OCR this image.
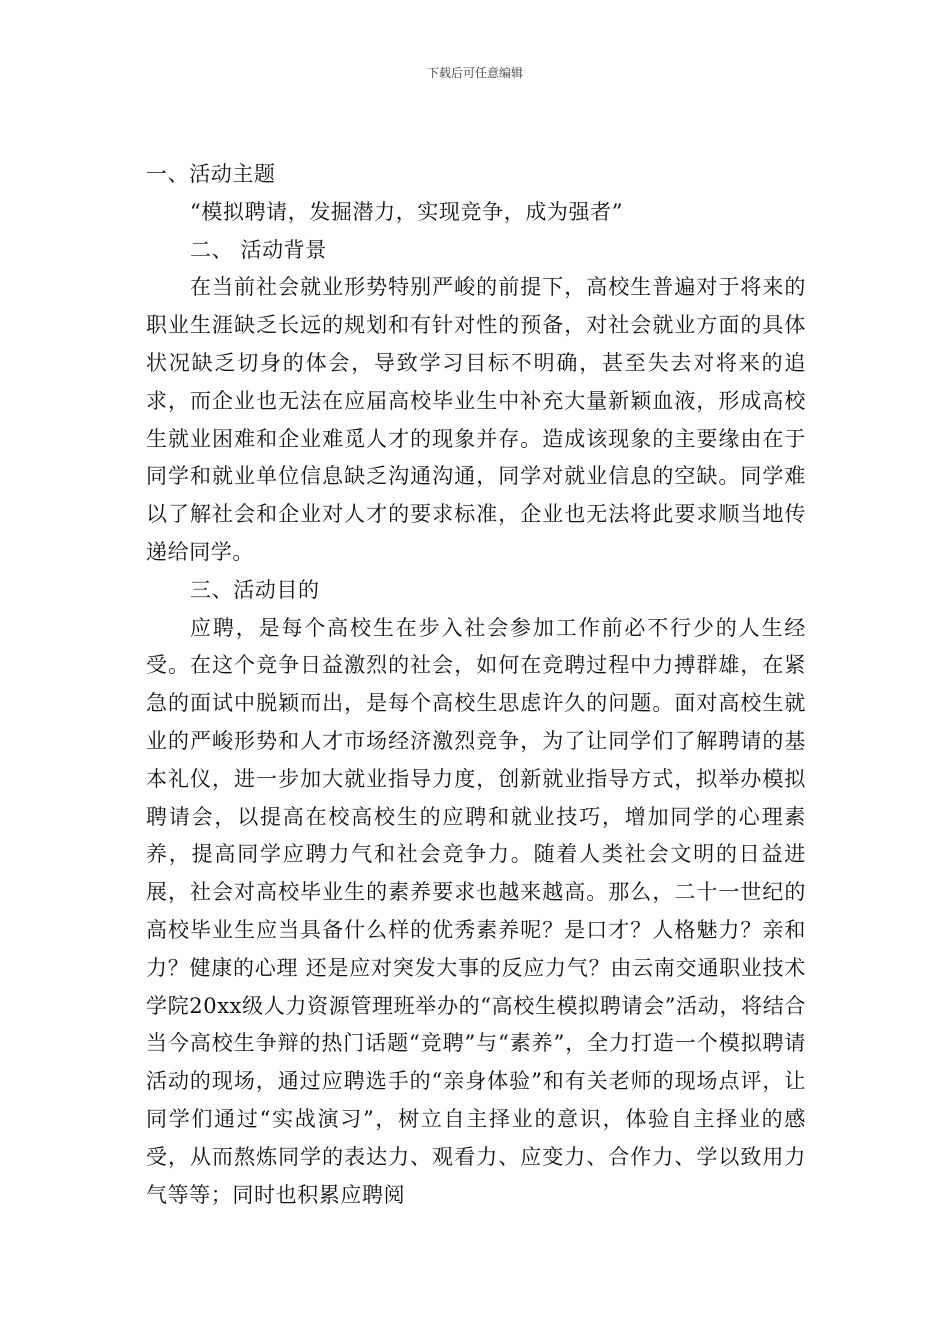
下载后可任意编辑

一、活动主题

“模拟聘请，发掘潜力，实现竞争，成为强者”

二、 活动背景

在当前社会就业形势特别严峻的前提下，高校生普遍对于将来的职业生涯缺乏长远的规划和有针对性的预备，对社会就业方面的具体状况缺乏切身的体会，导致学习目标不明确，甚至失去对将来的追求，而企业也无法在应届高校毕业生中补充大量新颖血液，形成高校生就业困难和企业难觅人才的现象并存。造成该现象的主要缘由在于同学和就业单位信息缺乏沟通沟通，同学对就业信息的空缺。同学难以了解社会和企业对人才的要求标准，企业也无法将此要求顺当地传递给同学。

三、活动目的

应聘，是每个高校生在步入社会参加工作前必不行少的人生经受。在这个竞争日益激烈的社会，如何在竞聘过程中力搏群雄，在紧急的面试中脱颖而出，是每个高校生思虑许久的问题。面对高校生就业的严峻形势和人才市场经济激烈竞争，为了让同学们了解聘请的基本礼仪，进一步加大就业指导力度，创新就业指导方式，拟举办模拟聘请会，以提高在校高校生的应聘和就业技巧，增加同学的心理素养，提高同学应聘力气和社会竞争力。随着人类社会文明的日益进展，社会对高校毕业生的素养要求也越来越高。那么，二十一世纪的高校毕业生应当具备什么样的优秀素养呢？是口才？人格魅力？亲和力？健康的心理 还是应对突发大事的反应力气？由云南交通职业技术学院20xx级人力资源管理班举办的“高校生模拟聘请会”活动，将结合当今高校生争辩的热门话题“竞聘”与“素养”，全力打造一个模拟聘请活动的现场，通过应聘选手的“亲身体验”和有关老师的现场点评，让同学们通过“实战演习”，树立自主择业的意识，体验自主择业的感受，从而熬炼同学的表达力、观看力、应变力、合作力、学以致用力气等等；同时也积累应聘阅
